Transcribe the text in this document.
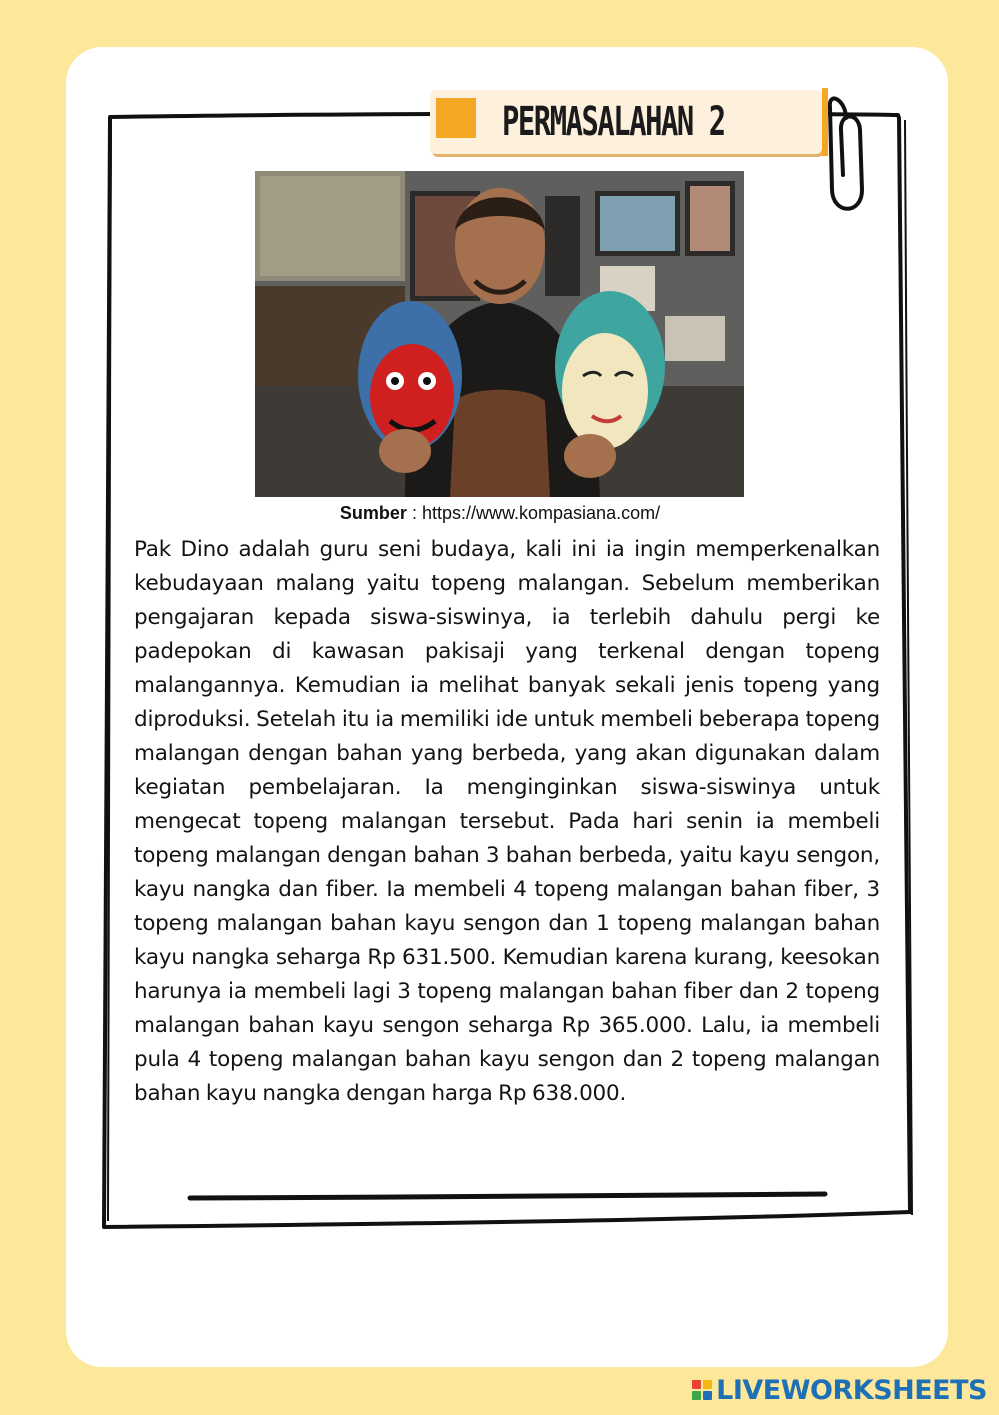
PERMASALAHAN 2
Sumber : https://www.kompasiana.com/

Pak Dino adalah guru seni budaya, kali ini ia ingin memperkenalkan kebudayaan malang yaitu topeng malangan. Sebelum memberikan pengajaran kepada siswa-siswinya, ia terlebih dahulu pergi ke padepokan di kawasan pakisaji yang terkenal dengan topeng malangannya. Kemudian ia melihat banyak sekali jenis topeng yang diproduksi. Setelah itu ia memiliki ide untuk membeli beberapa topeng malangan dengan bahan yang berbeda, yang akan digunakan dalam kegiatan pembelajaran. Ia menginginkan siswa-siswinya untuk mengecat topeng malangan tersebut. Pada hari senin ia membeli topeng malangan dengan bahan 3 bahan berbeda, yaitu kayu sengon, kayu nangka dan fiber. Ia membeli 4 topeng malangan bahan fiber, 3 topeng malangan bahan kayu sengon dan 1 topeng malangan bahan kayu nangka seharga Rp 631.500. Kemudian karena kurang, keesokan harunya ia membeli lagi 3 topeng malangan bahan fiber dan 2 topeng malangan bahan kayu sengon seharga Rp 365.000. Lalu, ia membeli pula 4 topeng malangan bahan kayu sengon dan 2 topeng malangan bahan kayu nangka dengan harga Rp 638.000.

LIVEWORKSHEETS
